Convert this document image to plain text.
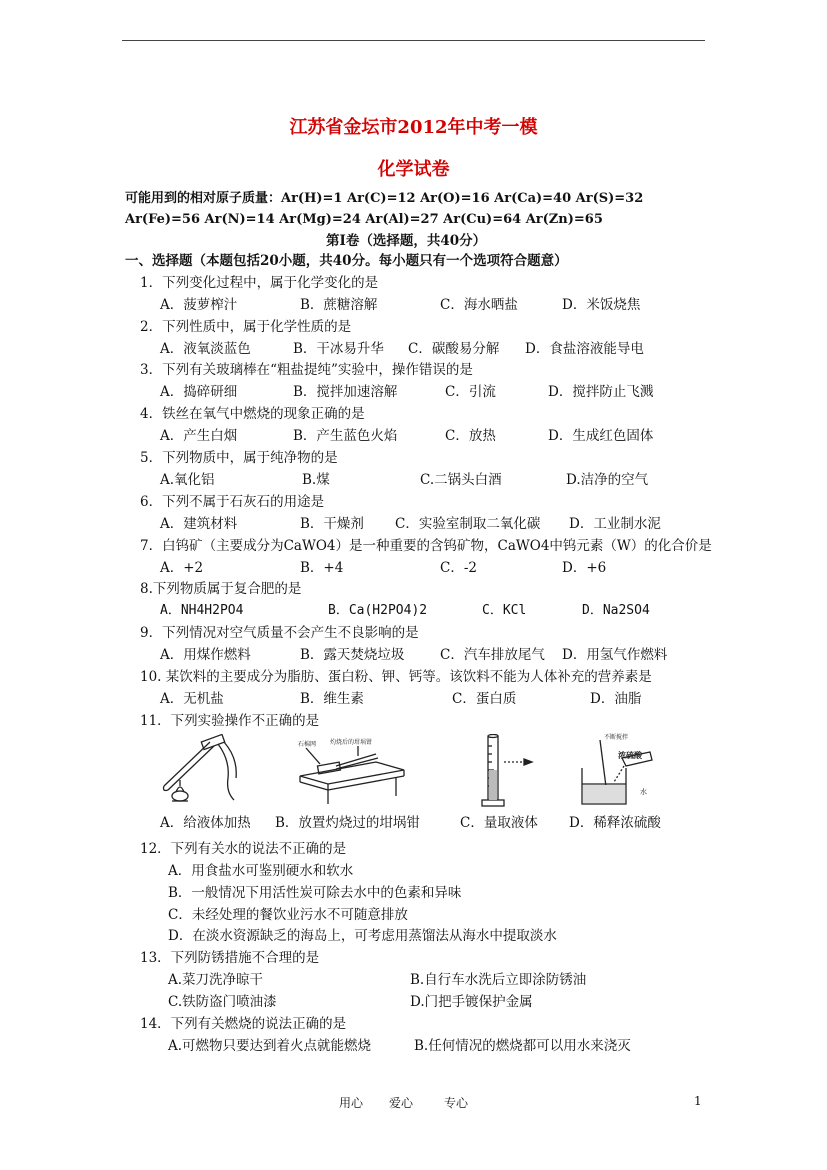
江苏省金坛市2012年中考一模
化学试卷
可能用到的相对原子质量：Ar(H)=1 Ar(C)=12 Ar(O)=16 Ar(Ca)=40 Ar(S)=32
Ar(Fe)=56 Ar(N)=14 Ar(Mg)=24 Ar(Al)=27 Ar(Cu)=64 Ar(Zn)=65
第Ⅰ卷（选择题，共40分）
一、选择题（本题包括20小题，共40分。每小题只有一个选项符合题意）
1．下列变化过程中，属于化学变化的是
A．菠萝榨汁	B．蔗糖溶解	C．海水晒盐	D．米饭烧焦
2．下列性质中，属于化学性质的是
A．液氧淡蓝色	B．干冰易升华 C．碳酸易分解 D．食盐溶液能导电
3．下列有关玻璃棒在“粗盐提纯”实验中，操作错误的是
A．捣碎研细	B．搅拌加速溶解	C．引流	D．搅拌防止飞溅
4．铁丝在氧气中燃烧的现象正确的是
A．产生白烟	B．产生蓝色火焰	C．放热	D．生成红色固体
5．下列物质中，属于纯净物的是
A.氧化铝	B.煤	C.二锅头白酒	D.洁净的空气
6．下列不属于石灰石的用途是
A．建筑材料	B．干燥剂 C．实验室制取二氧化碳 D．工业制水泥
7．白钨矿（主要成分为CaWO4）是一种重要的含钨矿物，CaWO4中钨元素（W）的化合价是
A．+2	B．+4	C．-2	D．+6
8.下列物质属于复合肥的是
A．NH4H2PO4	B．Ca(H2PO4)2	C．KCl	D．Na2SO4
9．下列情况对空气质量不会产生不良影响的是
A．用煤作燃料	B．露天焚烧垃圾	C．汽车排放尾气 D．用氢气作燃料
10. 某饮料的主要成分为脂肪、蛋白粉、钾、钙等。该饮料不能为人体补充的营养素是
A．无机盐	B．维生素	C．蛋白质	D．油脂
11．下列实验操作不正确的是
石棉网 灼烧后的坩埚钳
不断搅拌
浓硫酸
水
A．给液体加热 B．放置灼烧过的坩埚钳	C．量取液体 D．稀释浓硫酸
12．下列有关水的说法不正确的是
A．用食盐水可鉴别硬水和软水
B．一般情况下用活性炭可除去水中的色素和异味
C．未经处理的餐饮业污水不可随意排放
D．在淡水资源缺乏的海岛上，可考虑用蒸馏法从海水中提取淡水
13．下列防锈措施不合理的是
A.菜刀洗净晾干	B.自行车水洗后立即涂防锈油
C.铁防盗门喷油漆	D.门把手镀保护金属
14．下列有关燃烧的说法正确的是
A.可燃物只要达到着火点就能燃烧	B.任何情况的燃烧都可以用水来浇灭
用心 爱心	专心	1
